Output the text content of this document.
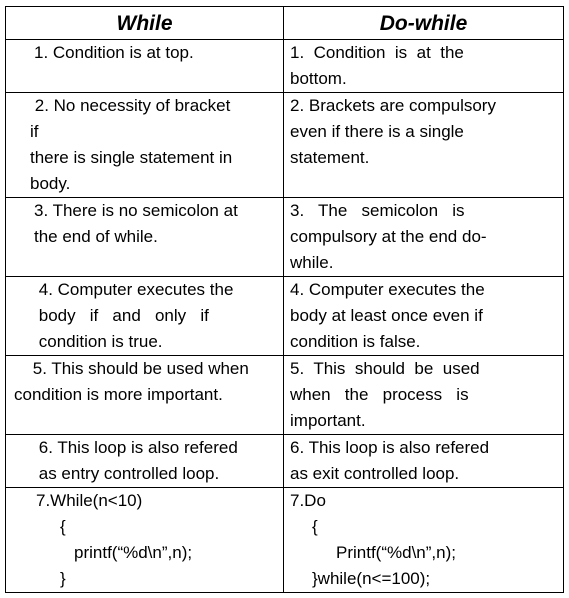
While	Do-while

1. Condition is at top.	1.  Condition  is  at  the
bottom.

2. No necessity of bracket
if
there is single statement in
body.	2. Brackets are compulsory
even if there is a single
statement.

3. There is no semicolon at
the end of while.	3.   The   semicolon   is
compulsory at the end do-
while.

4. Computer executes the
body   if   and   only   if
condition is true.	4. Computer executes the
body at least once even if
condition is false.

5. This should be used when
condition is more important.	5.  This  should  be  used
when   the   process   is
important.

6. This loop is also refered
as entry controlled loop.	6. This loop is also refered
as exit controlled loop.

7.While(n<10)
{
printf(“%d\n”,n);
}	7.Do
{
Printf(“%d\n”,n);
}while(n<=100);
